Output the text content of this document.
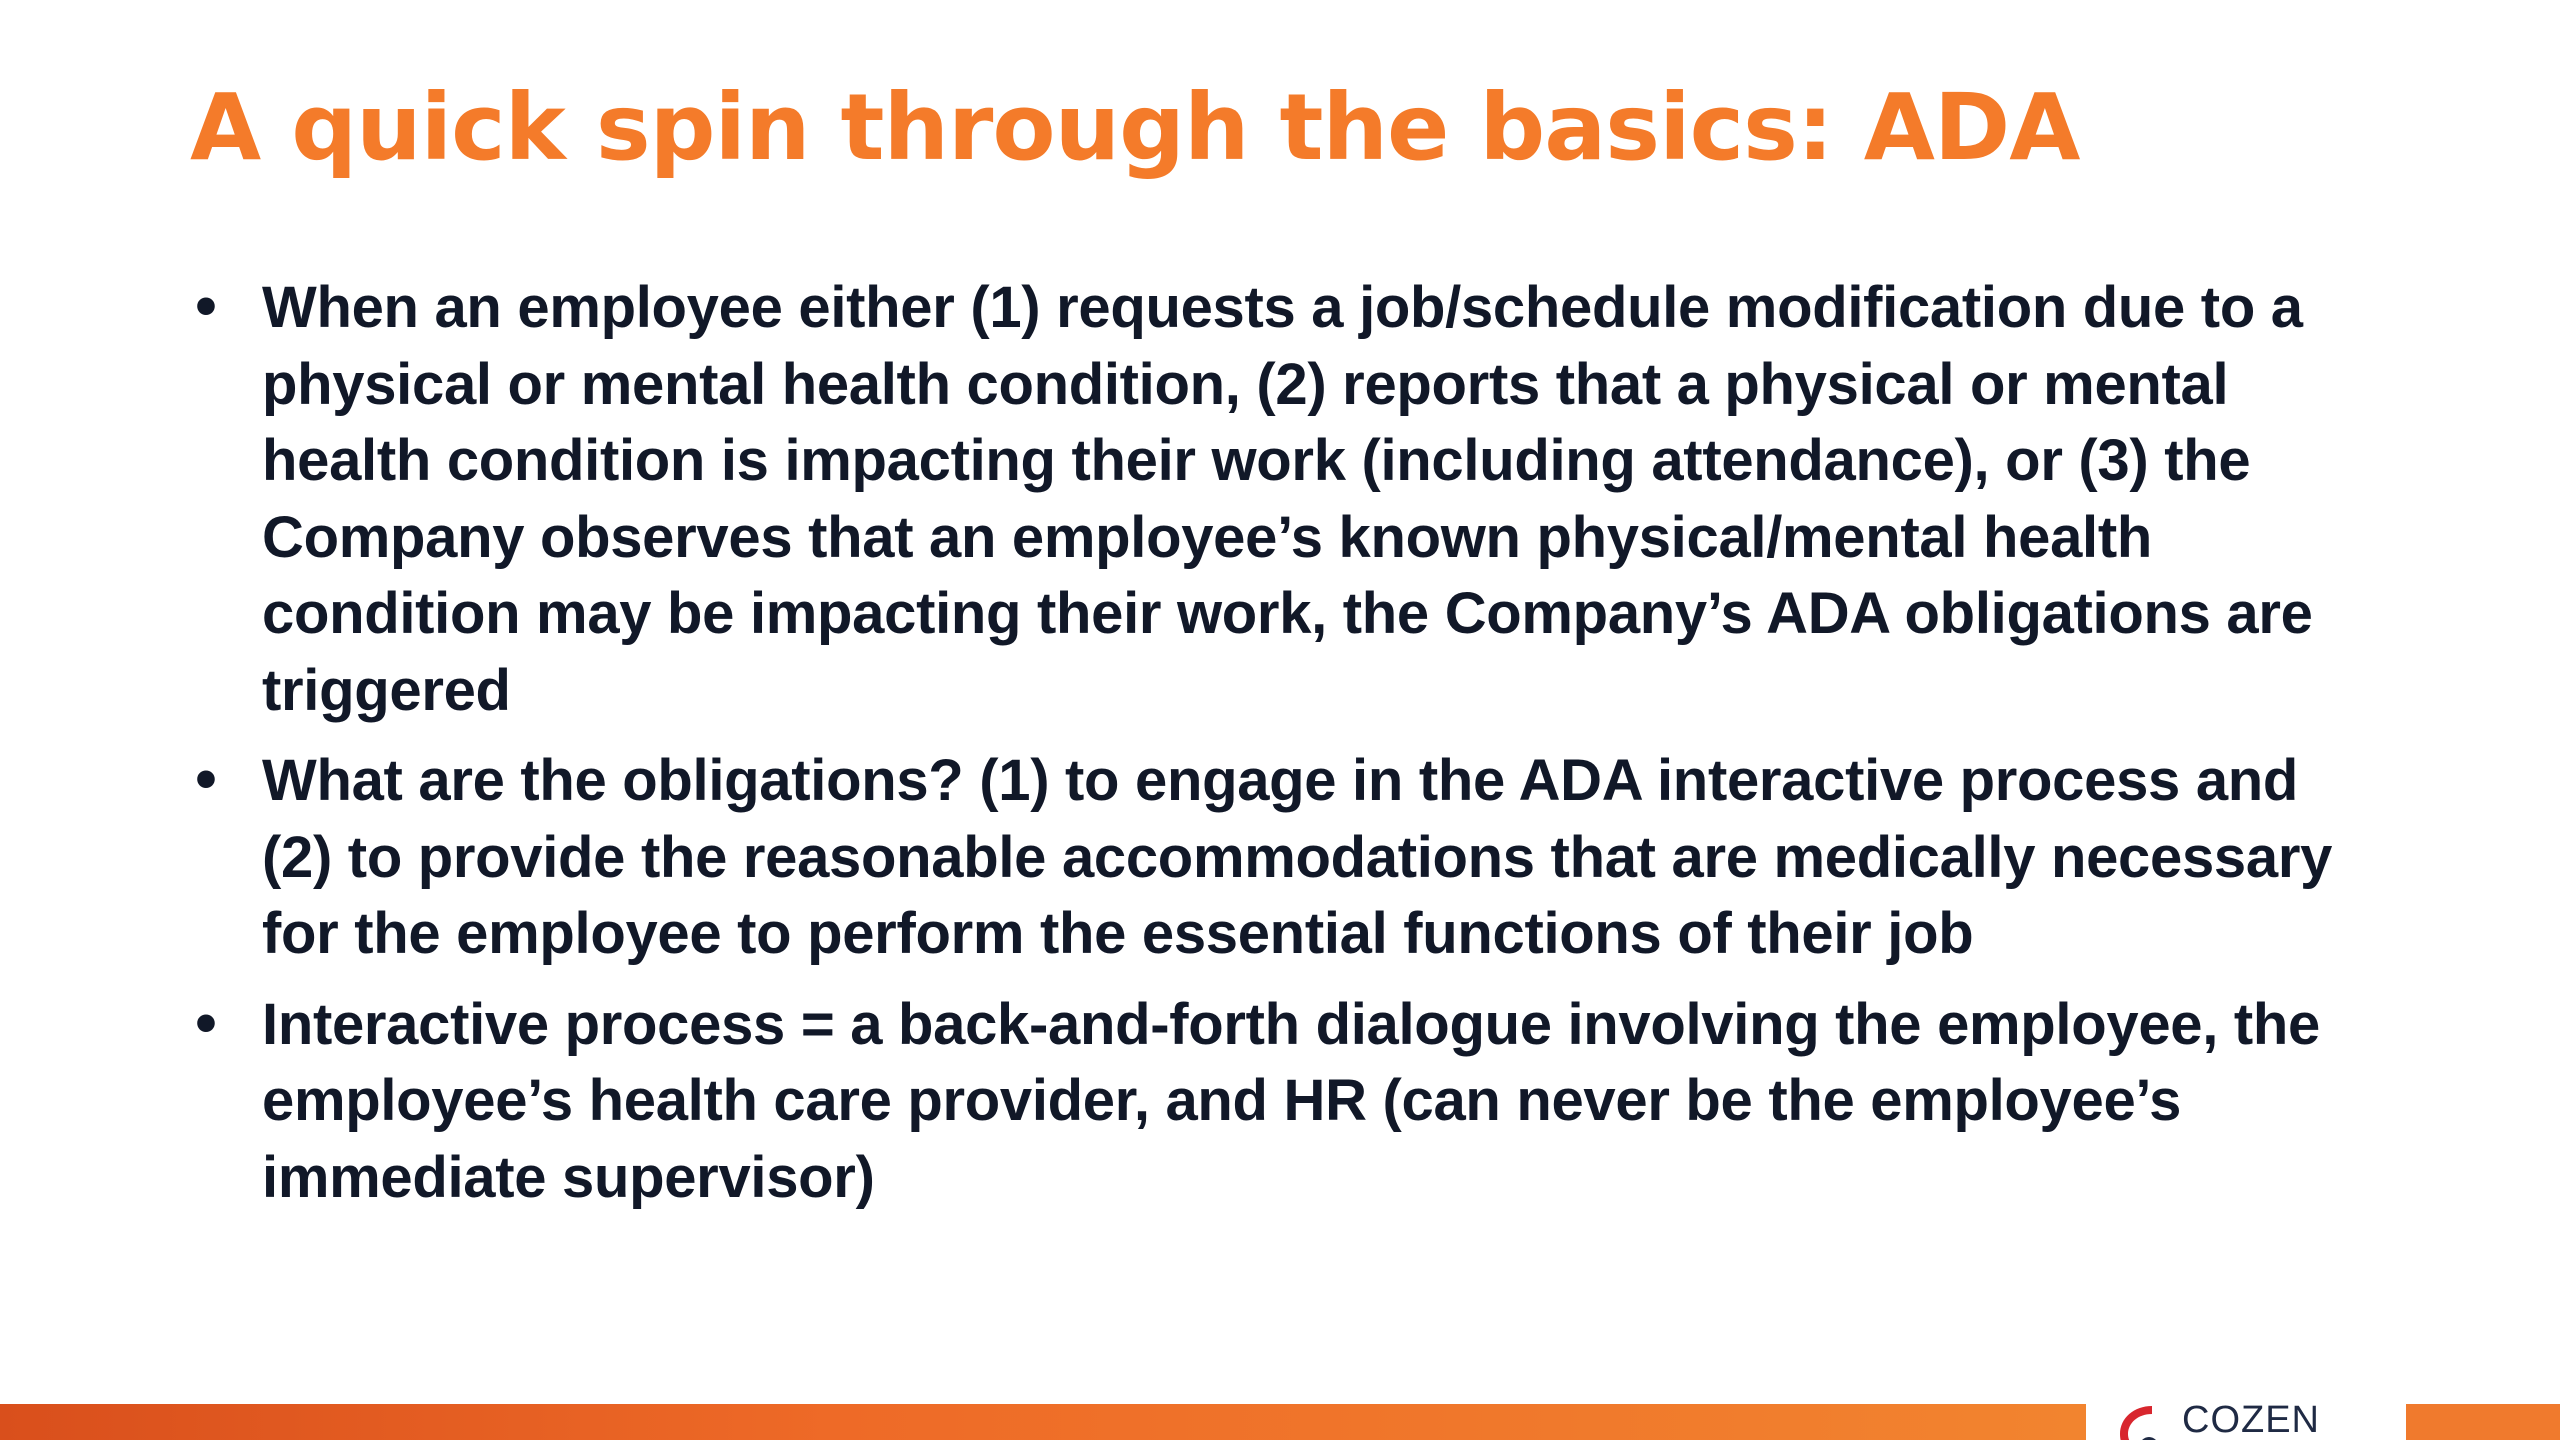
A quick spin through the basics: ADA
• When an employee either (1) requests a job/schedule modification due to a physical or mental health condition, (2) reports that a physical or mental health condition is impacting their work (including attendance), or (3) the Company observes that an employee’s known physical/mental health condition may be impacting their work, the Company’s ADA obligations are triggered
• What are the obligations? (1) to engage in the ADA interactive process and (2) to provide the reasonable accommodations that are medically necessary for the employee to perform the essential functions of their job
• Interactive process = a back-and-forth dialogue involving the employee, the employee’s health care provider, and HR (can never be the employee’s immediate supervisor)
COZEN
